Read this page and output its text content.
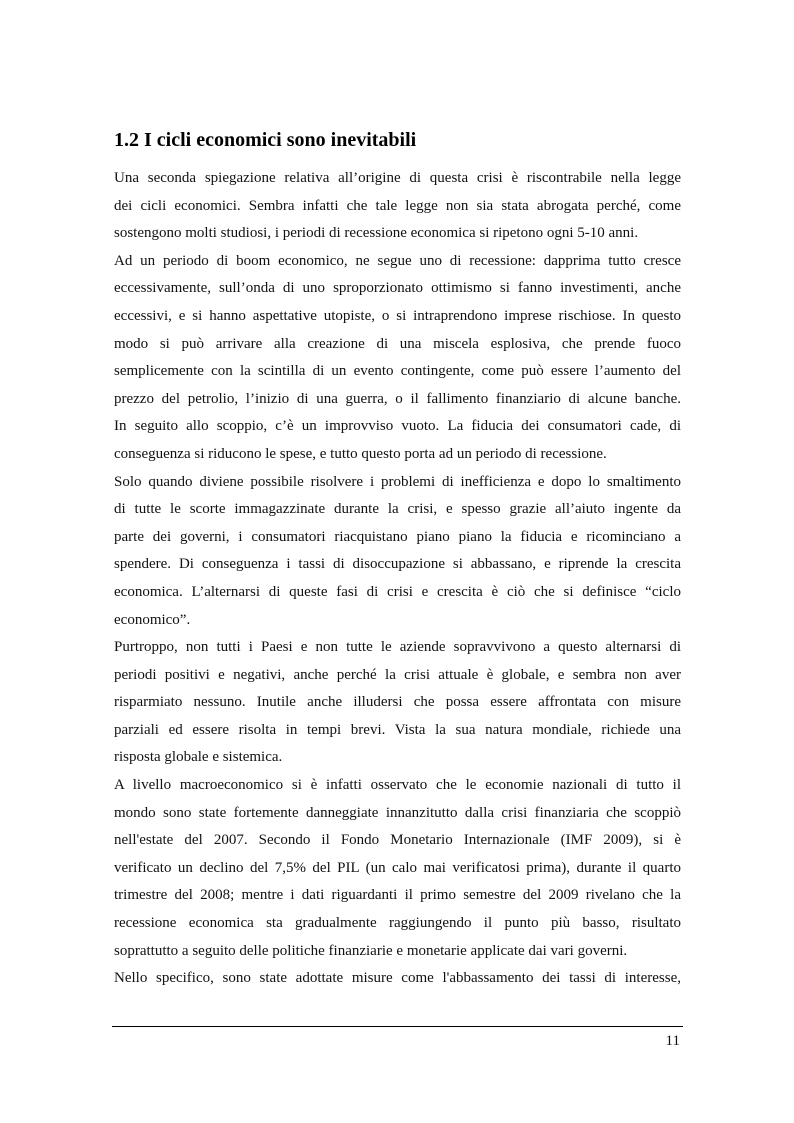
1.2 I cicli economici sono inevitabili
Una seconda spiegazione relativa all’origine di questa crisi è riscontrabile nella legge
dei cicli economici. Sembra infatti che tale legge non sia stata abrogata perché, come
sostengono molti studiosi, i periodi di recessione economica si ripetono ogni 5-10 anni.
Ad un periodo di boom economico, ne segue uno di recessione: dapprima tutto cresce
eccessivamente, sull’onda di uno sproporzionato ottimismo si fanno investimenti, anche
eccessivi, e si hanno aspettative utopiste, o si intraprendono imprese rischiose. In questo
modo si può arrivare alla creazione di una miscela esplosiva, che prende fuoco
semplicemente con la scintilla di un evento contingente, come può essere l’aumento del
prezzo del petrolio, l’inizio di una guerra, o il fallimento finanziario di alcune banche.
In seguito allo scoppio, c’è un improvviso vuoto. La fiducia dei consumatori cade, di
conseguenza si riducono le spese, e tutto questo porta ad un periodo di recessione.
Solo quando diviene possibile risolvere i problemi di inefficienza e dopo lo smaltimento
di tutte le scorte immagazzinate durante la crisi, e spesso grazie all’aiuto ingente da
parte dei governi, i consumatori riacquistano piano piano la fiducia e ricominciano a
spendere. Di conseguenza i tassi di disoccupazione si abbassano, e riprende la crescita
economica. L’alternarsi di queste fasi di crisi e crescita è ciò che si definisce “ciclo
economico”.
Purtroppo, non tutti i Paesi e non tutte le aziende sopravvivono a questo alternarsi di
periodi positivi e negativi, anche perché la crisi attuale è globale, e sembra non aver
risparmiato nessuno. Inutile anche illudersi che possa essere affrontata con misure
parziali ed essere risolta in tempi brevi. Vista la sua natura mondiale, richiede una
risposta globale e sistemica.
A livello macroeconomico si è infatti osservato che le economie nazionali di tutto il
mondo sono state fortemente danneggiate innanzitutto dalla crisi finanziaria che scoppiò
nell'estate del 2007. Secondo il Fondo Monetario Internazionale (IMF 2009), si è
verificato un declino del 7,5% del PIL (un calo mai verificatosi prima), durante il quarto
trimestre del 2008; mentre i dati riguardanti il primo semestre del 2009 rivelano che la
recessione economica sta gradualmente raggiungendo il punto più basso, risultato
soprattutto a seguito delle politiche finanziarie e monetarie applicate dai vari governi.
Nello specifico, sono state adottate misure come l'abbassamento dei tassi di interesse,
11
